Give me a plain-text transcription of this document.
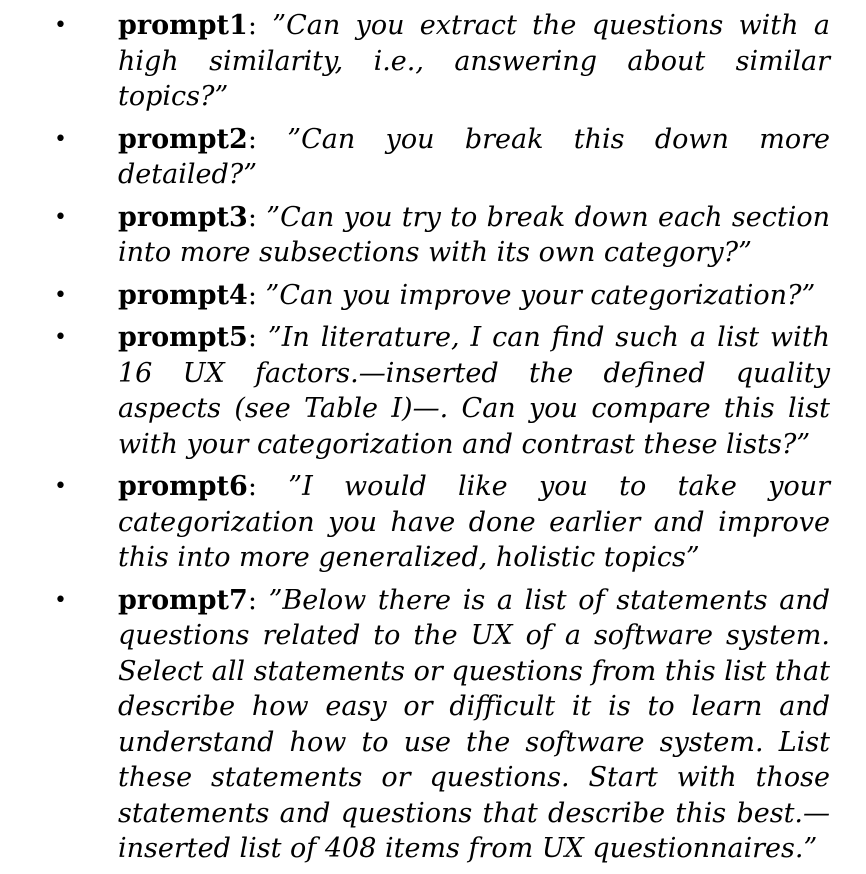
• prompt1: ”Can you extract the questions with a high similarity, i.e., answering about similar topics?”
• prompt2: ”Can you break this down more detailed?”
• prompt3: ”Can you try to break down each section into more subsections with its own category?”
• prompt4: ”Can you improve your categorization?”
• prompt5: ”In literature, I can find such a list with 16 UX factors.—inserted the defined quality aspects (see Table I)—. Can you compare this list with your categorization and contrast these lists?”
• prompt6: ”I would like you to take your categorization you have done earlier and improve this into more generalized, holistic topics”
• prompt7: ”Below there is a list of statements and questions related to the UX of a software system. Select all statements or questions from this list that describe how easy or difficult it is to learn and understand how to use the software system. List these statements or questions. Start with those statements and questions that describe this best.—inserted list of 408 items from UX questionnaires.”
